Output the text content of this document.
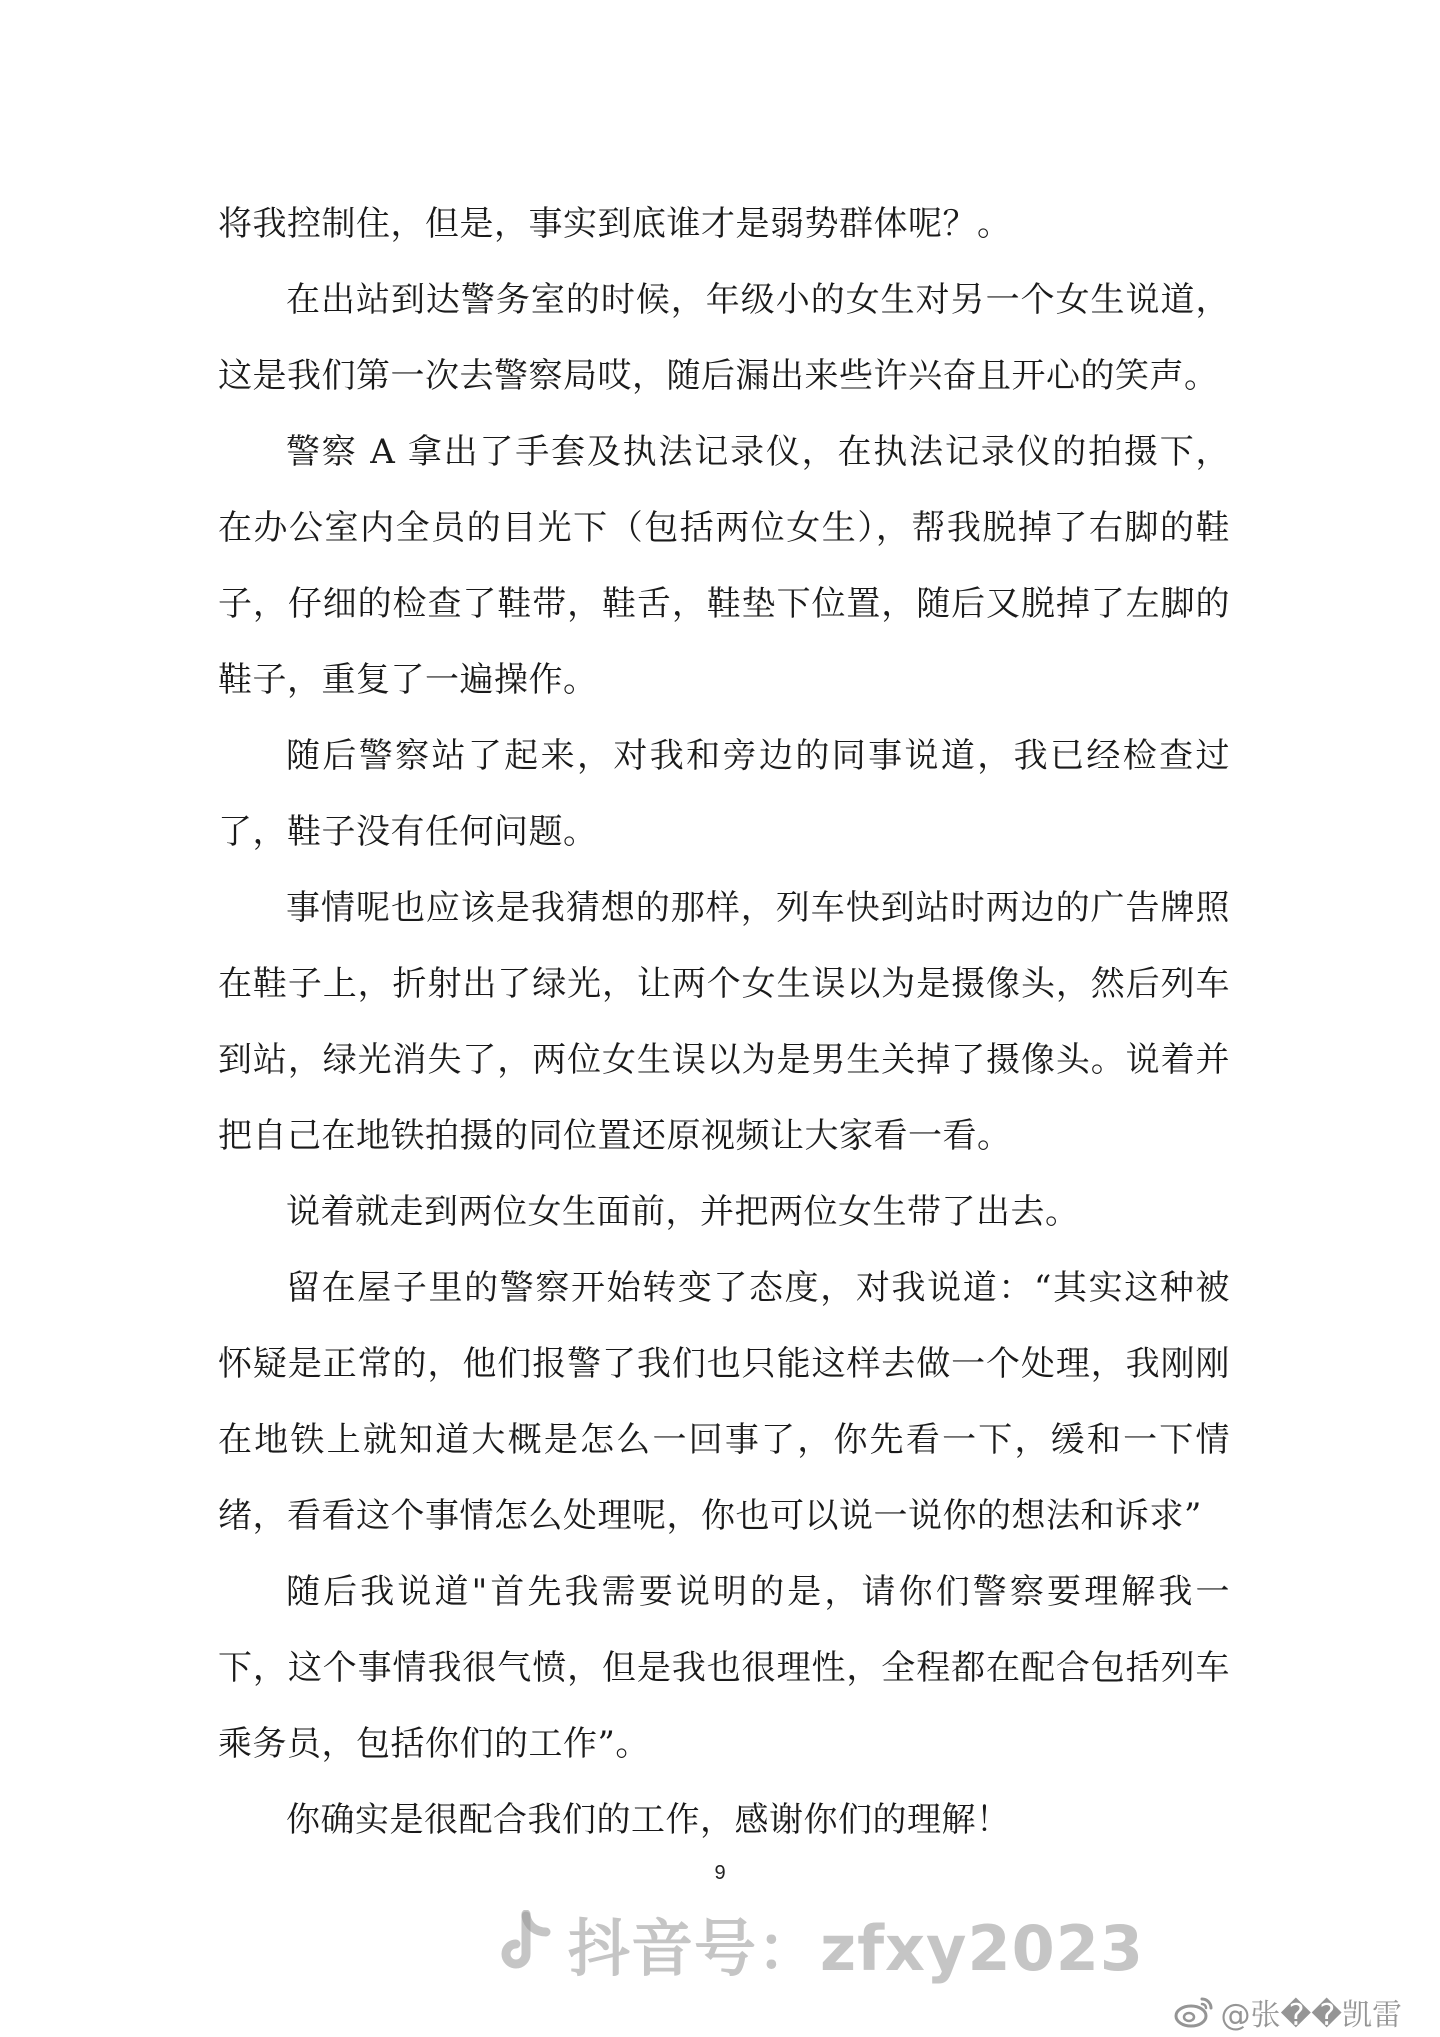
将我控制住，但是，事实到底谁才是弱势群体呢？。

在出站到达警务室的时候，年级小的女生对另一个女生说道，这是我们第一次去警察局哎，随后漏出来些许兴奋且开心的笑声。

警察 A 拿出了手套及执法记录仪，在执法记录仪的拍摄下，在办公室内全员的目光下（包括两位女生），帮我脱掉了右脚的鞋子，仔细的检查了鞋带，鞋舌，鞋垫下位置，随后又脱掉了左脚的鞋子，重复了一遍操作。

随后警察站了起来，对我和旁边的同事说道，我已经检查过了，鞋子没有任何问题。

事情呢也应该是我猜想的那样，列车快到站时两边的广告牌照在鞋子上，折射出了绿光，让两个女生误以为是摄像头，然后列车到站，绿光消失了，两位女生误以为是男生关掉了摄像头。说着并把自己在地铁拍摄的同位置还原视频让大家看一看。

说着就走到两位女生面前，并把两位女生带了出去。

留在屋子里的警察开始转变了态度，对我说道：“其实这种被怀疑是正常的，他们报警了我们也只能这样去做一个处理，我刚刚在地铁上就知道大概是怎么一回事了，你先看一下，缓和一下情绪，看看这个事情怎么处理呢，你也可以说一说你的想法和诉求”

随后我说道"首先我需要说明的是，请你们警察要理解我一下，这个事情我很气愤，但是我也很理性，全程都在配合包括列车乘务员，包括你们的工作”。

你确实是很配合我们的工作，感谢你们的理解！

9
抖音号：zfxy2023
@张��凯雷
